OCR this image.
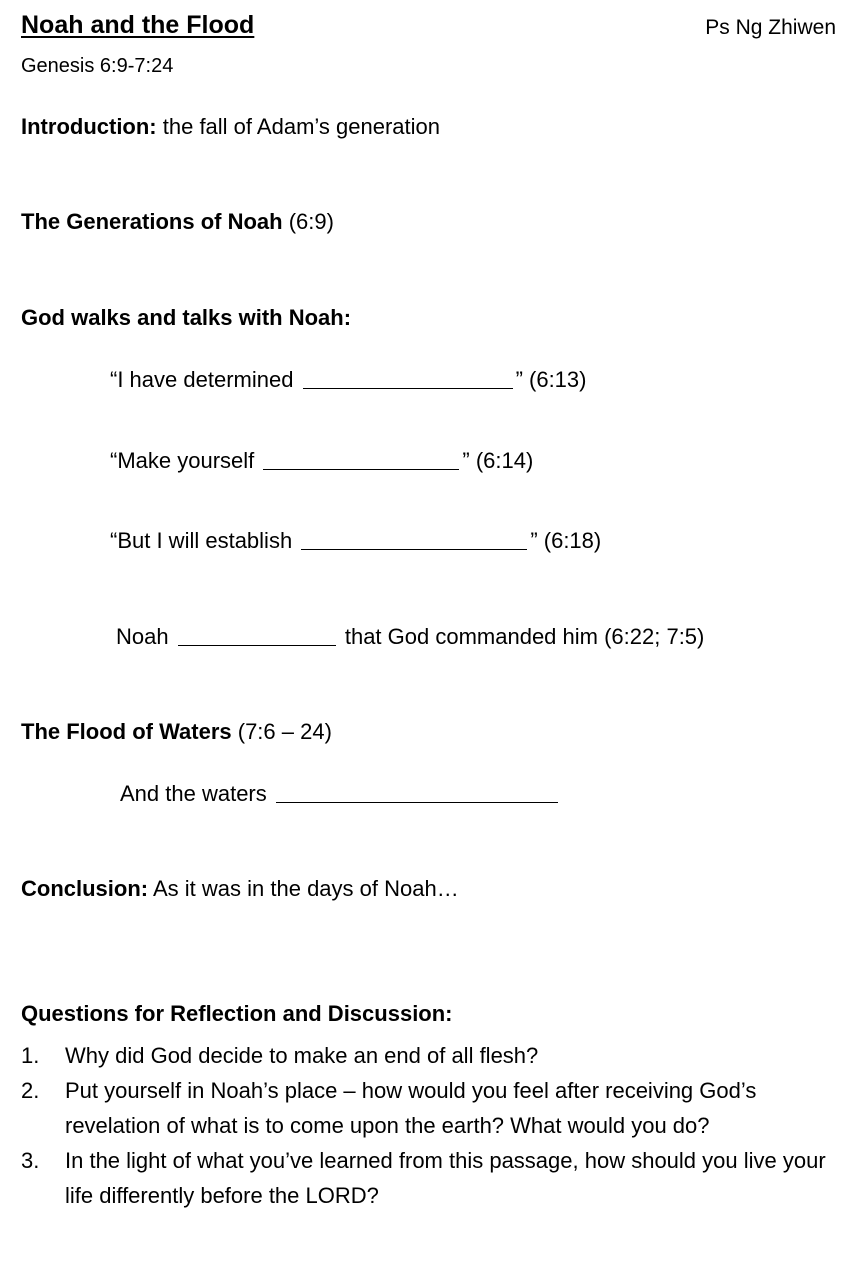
Noah and the Flood	Ps Ng Zhiwen
Genesis 6:9-7:24
Introduction: the fall of Adam’s generation
The Generations of Noah (6:9)
God walks and talks with Noah:
“I have determined	” (6:13)
“Make yourself	” (6:14)
“But I will establish	” (6:18)
Noah	that God commanded him (6:22; 7:5)
The Flood of Waters (7:6 – 24)
And the waters
Conclusion: As it was in the days of Noah…
Questions for Reflection and Discussion:
1.	Why did God decide to make an end of all flesh?
2.	Put yourself in Noah’s place – how would you feel after receiving God’s revelation of what is to come upon the earth? What would you do?
3.	In the light of what you’ve learned from this passage, how should you live your life differently before the LORD?
